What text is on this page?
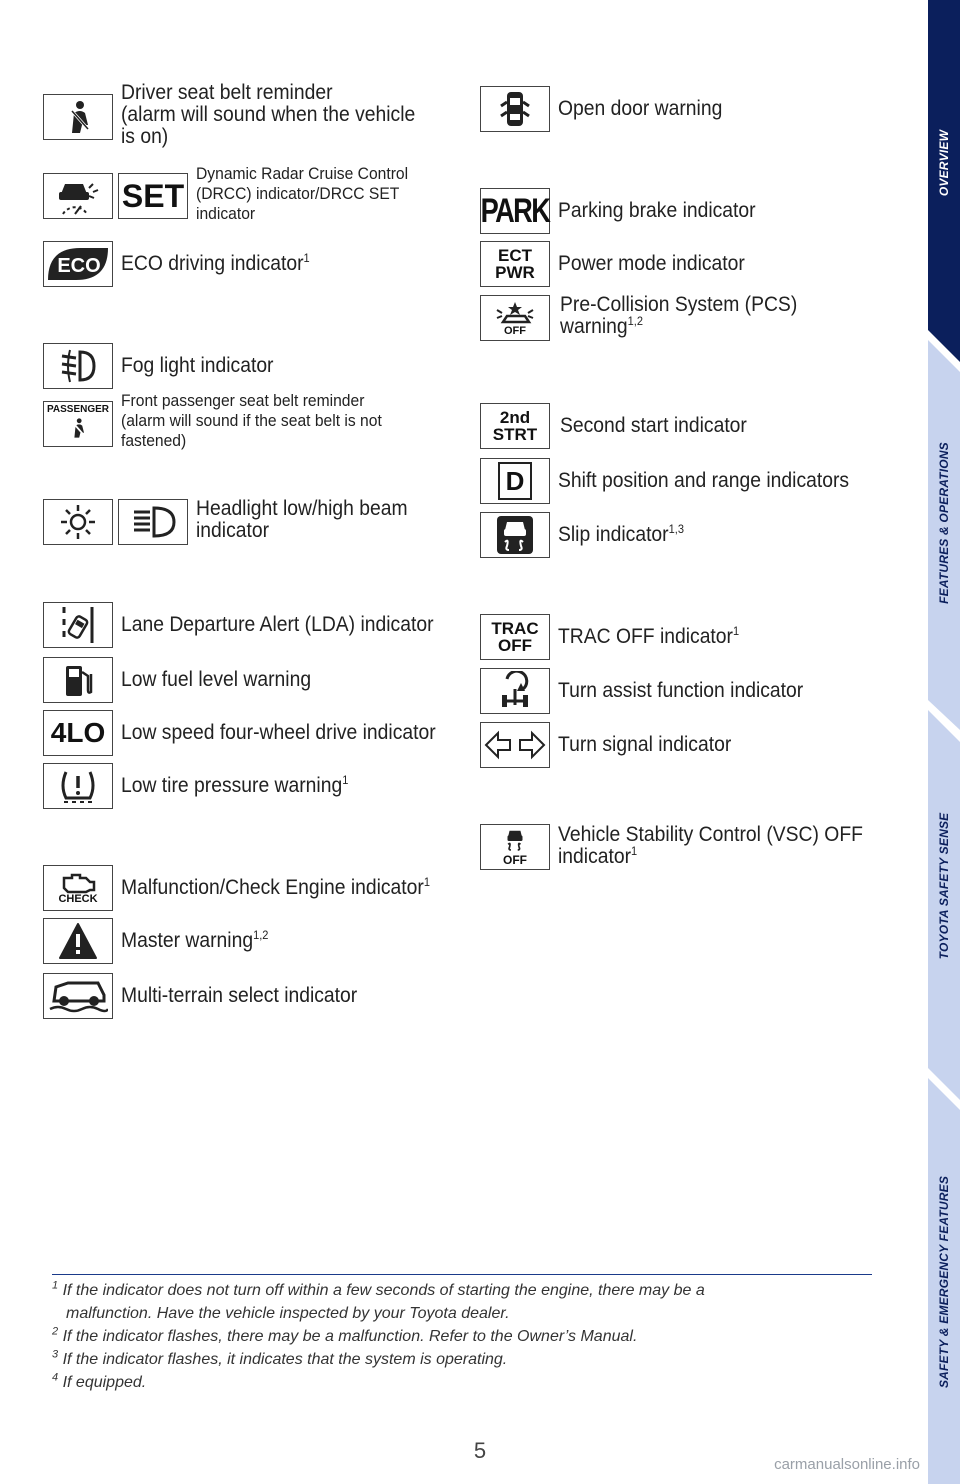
OVERVIEW
FEATURES & OPERATIONS
TOYOTA SAFETY SENSE
SAFETY & EMERGENCY FEATURES
Driver seat belt reminder
(alarm will sound when the vehicle
is on)
SET
Dynamic Radar Cruise Control
(DRCC) indicator/DRCC SET
indicator
ECO ECO driving indicator$^1$
Fog light indicator
PASSENGER Front passenger seat belt reminder
(alarm will sound if the seat belt is not
fastened)
Headlight low/high beam
indicator
Lane Departure Alert (LDA) indicator
Low fuel level warning
4LO Low speed four-wheel drive indicator
Low tire pressure warning$^1$
CHECK Malfunction/Check Engine indicator$^1$
Master warning$^{1,2}$
Multi-terrain select indicator
Open door warning
PARK Parking brake indicator
ECT
PWR Power mode indicator
OFF
Pre-Collision System (PCS)
warning$^{1,2}$
2nd
STRT Second start indicator
D Shift position and range indicators
Slip indicator$^{1,3}$
TRAC
OFF TRAC OFF indicator$^1$
Turn assist function indicator
Turn signal indicator
OFF
Vehicle Stability Control (VSC) OFF
indicator$^1$
$^1$ If the indicator does not turn off within a few seconds of starting the engine, there may be a
malfunction. Have the vehicle inspected by your Toyota dealer.
$^2$ If the indicator flashes, there may be a malfunction. Refer to the Owner’s Manual.
$^3$ If the indicator flashes, it indicates that the system is operating.
$^4$ If equipped.
5
carmanualsonline.info
